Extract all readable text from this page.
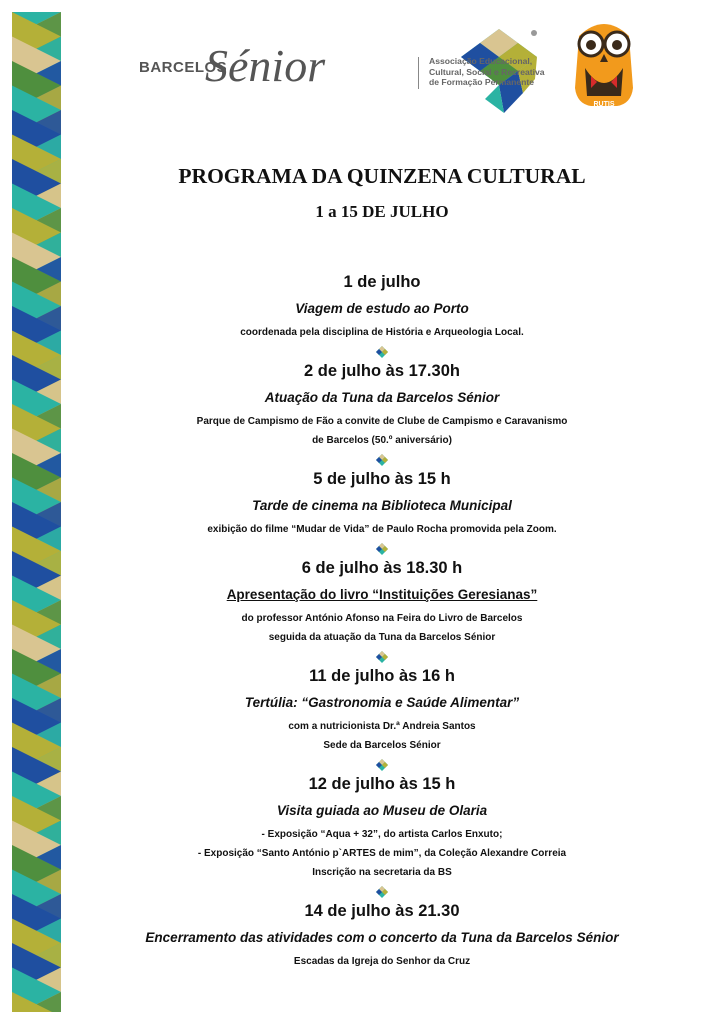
BARCELOS
Sénior	Associação Educacional,
Cultural, Social e Recreativa
de Formação Permanente
RUTIS
PROGRAMA DA QUINZENA CULTURAL
1 a 15 DE JULHO
1 de julho
Viagem de estudo ao Porto
coordenada pela disciplina de História e Arqueologia Local.
2 de julho às 17.30h
Atuação da Tuna da Barcelos Sénior
Parque de Campismo de Fão a convite de Clube de Campismo e Caravanismo
de Barcelos (50.º aniversário)
5 de julho às 15 h
Tarde de cinema na Biblioteca Municipal
exibição do filme “Mudar de Vida” de Paulo Rocha promovida pela Zoom.
6 de julho às 18.30 h
Apresentação do livro “Instituições Geresianas”
do professor António Afonso na Feira do Livro de Barcelos
seguida da atuação da Tuna da Barcelos Sénior
11 de julho às 16 h
Tertúlia: “Gastronomia e Saúde Alimentar”
com a nutricionista Dr.ª Andreia Santos
Sede da Barcelos Sénior
12 de julho às 15 h
Visita guiada ao Museu de Olaria
- Exposição “Aqua + 32”, do artista Carlos Enxuto;
- Exposição “Santo António p`ARTES de mim”, da Coleção Alexandre Correia
Inscrição na secretaria da BS
14 de julho às 21.30
Encerramento das atividades com o concerto da Tuna da Barcelos Sénior
Escadas da Igreja do Senhor da Cruz
